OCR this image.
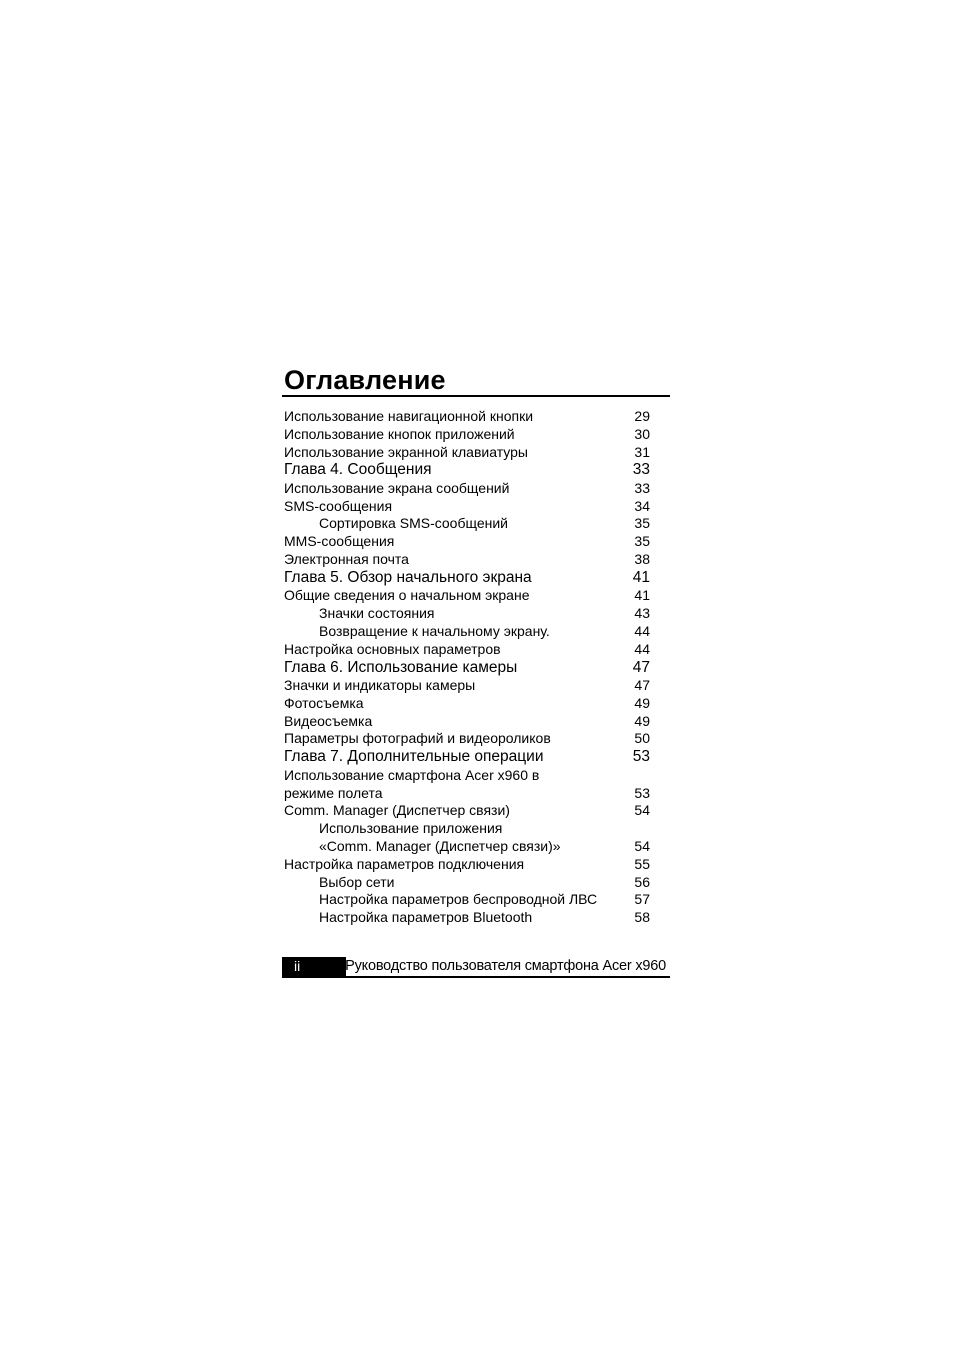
Оглавление
Использование навигационной кнопки	29
Использование кнопок приложений	30
Использование экранной клавиатуры	31
Глава 4. Сообщения	33
Использование экрана сообщений	33
SMS-сообщения	34
Сортировка SMS-сообщений	35
MMS-сообщения	35
Электронная почта	38
Глава 5. Обзор начального экрана	41
Общие сведения о начальном экране	41
Значки состояния	43
Возвращение к начальному экрану.	44
Настройка основных параметров	44
Глава 6. Использование камеры	47
Значки и индикаторы камеры	47
Фотосъемка	49
Видеосъемка	49
Параметры фотографий и видеороликов	50
Глава 7. Дополнительные операции	53
Использование смартфона Acer x960 в
режиме полета	53
Comm. Manager (Диспетчер связи)	54
Использование приложения
«Comm. Manager (Диспетчер связи)»	54
Настройка параметров подключения	55
Выбор сети	56
Настройка параметров беспроводной ЛВС	57
Настройка параметров Bluetooth	58
ii	Руководство пользователя смартфона Acer x960
